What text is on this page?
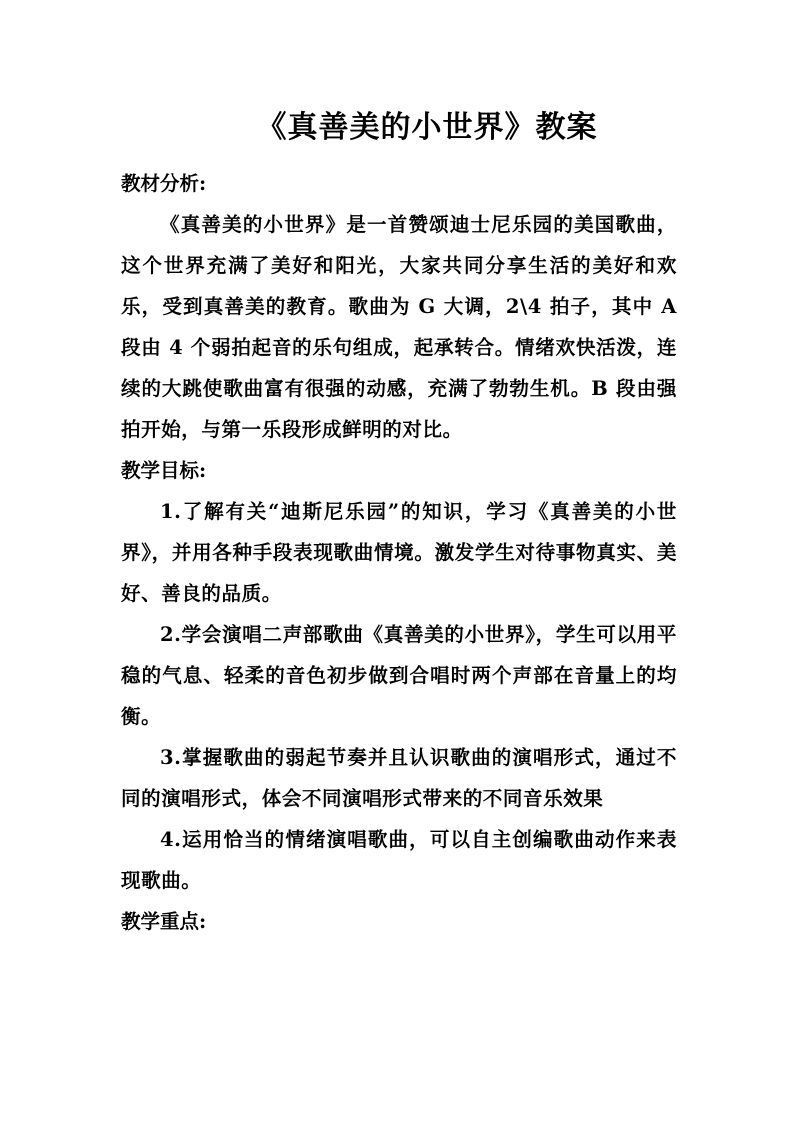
《真善美的小世界》教案

教材分析:

《真善美的小世界》是一首赞颂迪士尼乐园的美国歌曲，这个世界充满了美好和阳光，大家共同分享生活的美好和欢乐，受到真善美的教育。歌曲为 G 大调，2\4 拍子，其中 A 段由 4 个弱拍起音的乐句组成，起承转合。情绪欢快活泼，连续的大跳使歌曲富有很强的动感，充满了勃勃生机。B 段由强拍开始，与第一乐段形成鲜明的对比。

教学目标:

1.了解有关“迪斯尼乐园”的知识，学习《真善美的小世界》，并用各种手段表现歌曲情境。激发学生对待事物真实、美好、善良的品质。

2.学会演唱二声部歌曲《真善美的小世界》，学生可以用平稳的气息、轻柔的音色初步做到合唱时两个声部在音量上的均衡。

3.掌握歌曲的弱起节奏并且认识歌曲的演唱形式，通过不同的演唱形式，体会不同演唱形式带来的不同音乐效果

4.运用恰当的情绪演唱歌曲，可以自主创编歌曲动作来表现歌曲。

教学重点:
